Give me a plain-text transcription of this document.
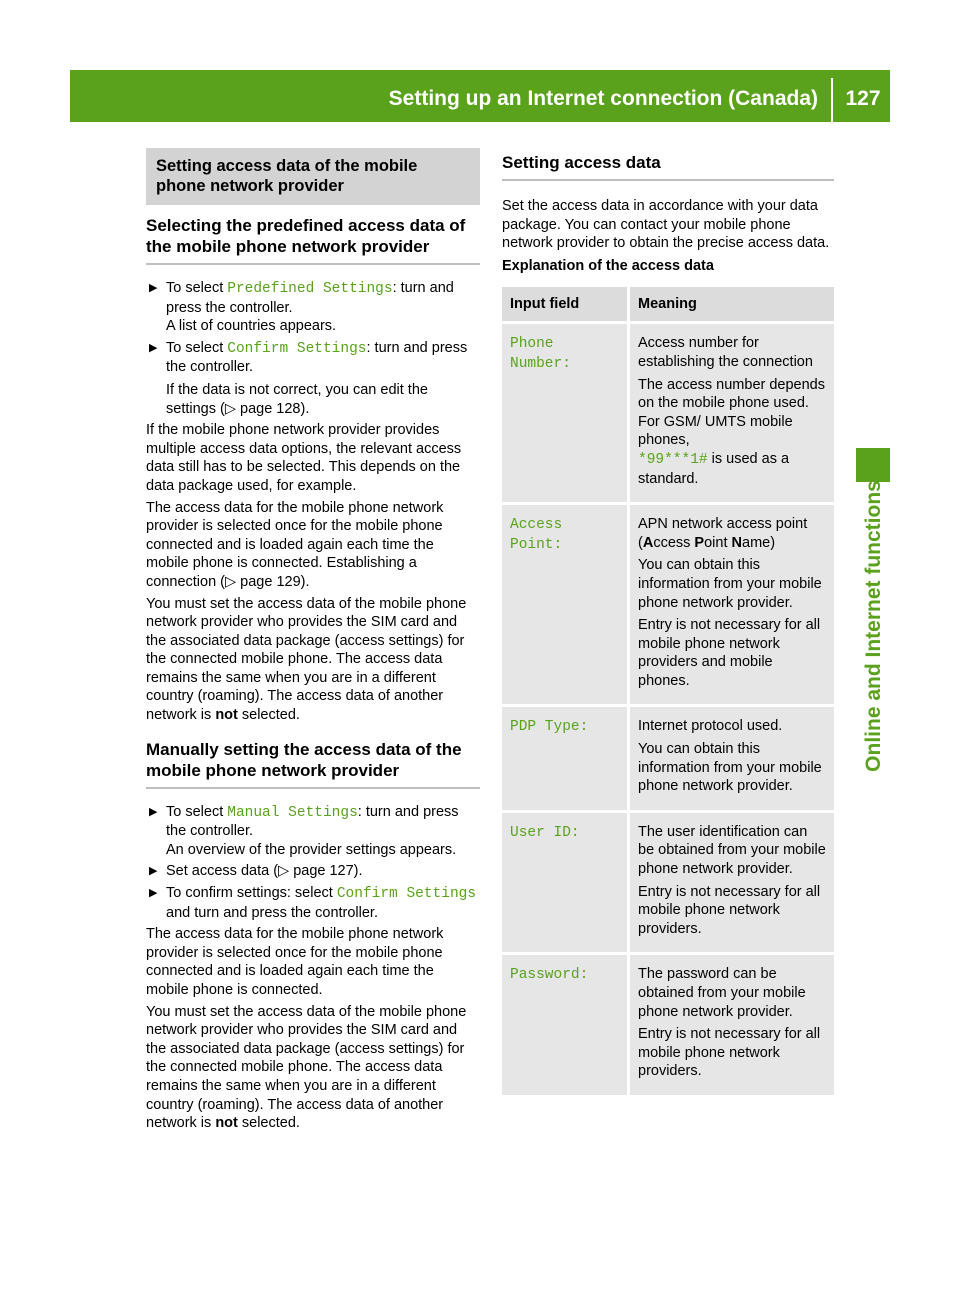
Setting up an Internet connection (Canada)	127
Online and Internet functions
Setting access data of the mobile phone network provider
Selecting the predefined access data of the mobile phone network provider
▶ To select Predefined Settings: turn and press the controller.
A list of countries appears.
▶ To select Confirm Settings: turn and press the controller.

If the data is not correct, you can edit the settings (▷ page 128).

If the mobile phone network provider provides multiple access data options, the relevant access data still has to be selected. This depends on the data package used, for example.

The access data for the mobile phone network provider is selected once for the mobile phone connected and is loaded again each time the mobile phone is connected. Establishing a connection (▷ page 129).

You must set the access data of the mobile phone network provider who provides the SIM card and the associated data package (access settings) for the connected mobile phone. The access data remains the same when you are in a different country (roaming). The access data of another network is not selected.

Manually setting the access data of the mobile phone network provider
▶ To select Manual Settings: turn and press the controller.
An overview of the provider settings appears.
▶ Set access data (▷ page 127).
▶ To confirm settings: select Confirm Settings and turn and press the controller.

The access data for the mobile phone network provider is selected once for the mobile phone connected and is loaded again each time the mobile phone is connected.

You must set the access data of the mobile phone network provider who provides the SIM card and the associated data package (access settings) for the connected mobile phone. The access data remains the same when you are in a different country (roaming). The access data of another network is not selected.

Setting access data

Set the access data in accordance with your data package. You can contact your mobile phone network provider to obtain the precise access data.

Explanation of the access data

Input field	Meaning
Phone Number:	Access number for establishing the connection

The access number depends on the mobile phone used. For GSM/ UMTS mobile phones,
*99***1# is used as a standard.

Access Point:	APN network access point (Access Point Name)

You can obtain this information from your mobile phone network provider.

Entry is not necessary for all mobile phone network providers and mobile phones.

PDP Type:	Internet protocol used.

You can obtain this information from your mobile phone network provider.

User ID:	The user identification can be obtained from your mobile phone network provider.

Entry is not necessary for all mobile phone network providers.

Password:	The password can be obtained from your mobile phone network provider.

Entry is not necessary for all mobile phone network providers.
